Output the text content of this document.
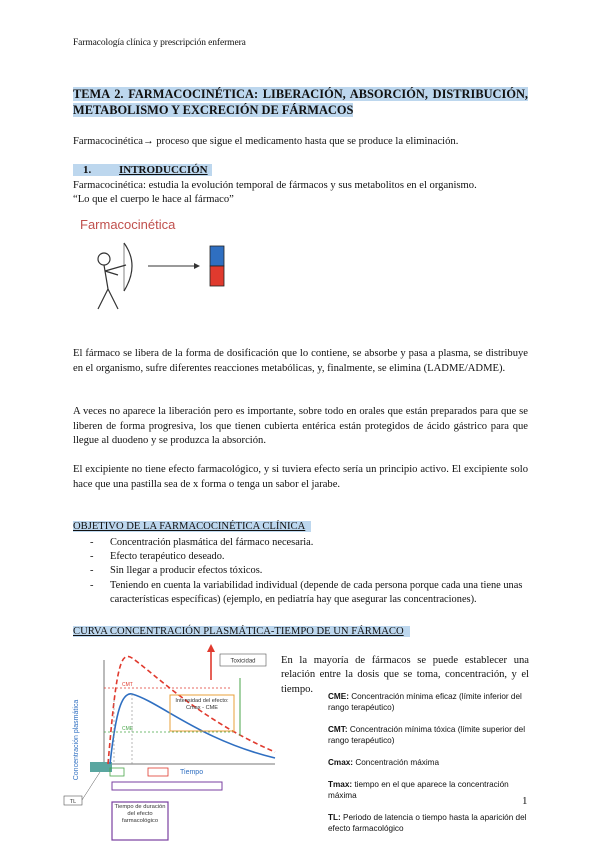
Farmacología clínica y prescripción enfermera
TEMA 2. FARMACOCINÉTICA: LIBERACIÓN, ABSORCIÓN, DISTRIBUCIÓN, METABOLISMO Y EXCRECIÓN DE FÁRMACOS
Farmacocinética→ proceso que sigue el medicamento hasta que se produce la eliminación.
1.	INTRODUCCIÓN
Farmacocinética: estudia la evolución temporal de fármacos y sus metabolitos en el organismo.
“Lo que el cuerpo le hace al fármaco”
Farmacocinética
El fármaco se libera de la forma de dosificación que lo contiene, se absorbe y pasa a plasma, se distribuye en el organismo, sufre diferentes reacciones metabólicas, y, finalmente, se elimina (LADME/ADME).
A veces no aparece la liberación pero es importante, sobre todo en orales que están preparados para que se liberen de forma progresiva, los que tienen cubierta entérica están protegidos de ácido gástrico para que llegue al duodeno y se produzca la absorción.
El excipiente no tiene efecto farmacológico, y si tuviera efecto sería un principio activo. El excipiente solo hace que una pastilla sea de x forma o tenga un sabor el jarabe.
OBJETIVO DE LA FARMACOCINÉTICA CLÍNICA
- Concentración plasmática del fármaco necesaria.
- Efecto terapéutico deseado.
- Sin llegar a producir efectos tóxicos.
- Teniendo en cuenta la variabilidad individual (depende de cada persona porque cada una tiene unas características específicas) (ejemplo, en pediatría hay que asegurar las concentraciones).
CURVA CONCENTRACIÓN PLASMÁTICA-TIEMPO DE UN FÁRMACO
Concentración plasmática	Tiempo
CMT
CME
Toxicidad
Intensidad del efecto: Cmax - CME
TL
Tiempo de duración del efecto farmacológico
En la mayoría de fármacos se puede establecer una relación entre la dosis que se toma, concentración, y el tiempo.
CME: Concentración mínima eficaz (límite inferior del rango terapéutico)
CMT: Concentración mínima tóxica (límite superior del rango terapéutico)
Cmax: Concentración máxima
Tmax: tiempo en el que aparece la concentración máxima
TL: Periodo de latencia o tiempo hasta la aparición del efecto farmacológico
1
